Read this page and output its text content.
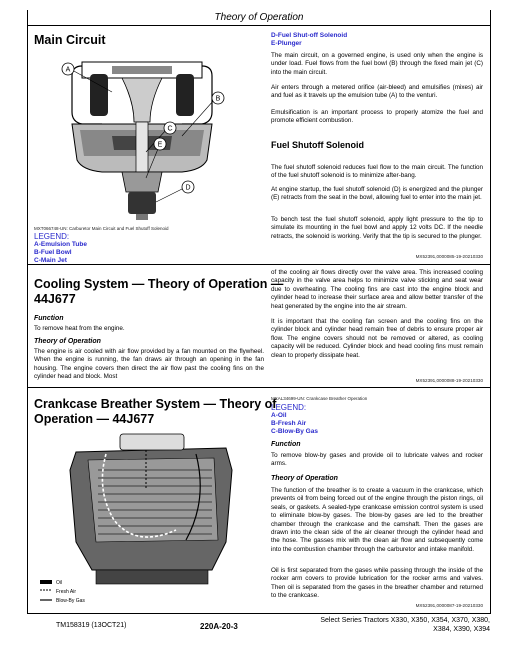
Theory of Operation
Main Circuit
A
B
C
E
D
MXT066748-UN: Carburetor Main Circuit and Fuel Shutoff Solenoid
LEGEND:
A-Emulsion Tube
B-Fuel Bowl
C-Main Jet
D-Fuel Shut-off Solenoid
E-Plunger
The main circuit, on a governed engine, is used only when the engine is under load. Fuel flows from the fuel bowl (B) through the fixed main jet (C) into the main circuit.
Air enters through a metered orifice (air-bleed) and emulsifies (mixes) air and fuel as it travels up the emulsion tube (A) to the venturi.
Emulsification is an important process to properly atomize the fuel and promote efficient combustion.
Fuel Shutoff Solenoid
The fuel shutoff solenoid reduces fuel flow to the main circuit. The function of the fuel shutoff solenoid is to minimize after-bang.
At engine startup, the fuel shutoff solenoid (D) is energized and the plunger (E) retracts from the seat in the bowl, allowing fuel to enter into the main jet.
To bench test the fuel shutoff solenoid, apply light pressure to the tip to simulate its mounting in the fuel bowl and apply 12 volts DC. If the needle retracts, the solenoid is working. Verify that the tip is secured to the plunger.
MX52391,0000085-19-20210330
Cooling System — Theory of Operation —
44J677
Function
To remove heat from the engine.
Theory of Operation
The engine is air cooled with air flow provided by a fan mounted on the flywheel. When the engine is running, the fan draws air through an opening in the fan housing. The engine covers then direct the air flow past the cooling fins on the cylinder head and block. Most
of the cooling air flows directly over the valve area. This increased cooling capacity in the valve area helps to minimize valve sticking and seat wear due to overheating. The cooling fins are cast into the engine block and cylinder head to increase their surface area and allow better transfer of the heat generated by the engine into the air stream.
It is important that the cooling fan screen and the cooling fins on the cylinder block and cylinder head remain free of debris to ensure proper air flow. The engine covers should not be removed or altered, as cooling capacity will be reduced. Cylinder block and head cooling fins must remain clean to properly dissipate heat.
MX52391,0000088-19-20210330
Crankcase Breather System — Theory of
Operation — 44J677
Oil
Fresh Air
Blow-By Gas
MXAL34699-UN: Crankcase Breather Operation
LEGEND:
A-Oil
B-Fresh Air
C-Blow-By Gas
Function
To remove blow-by gases and provide oil to lubricate valves and rocker arms.
Theory of Operation
The function of the breather is to create a vacuum in the crankcase, which prevents oil from being forced out of the engine through the piston rings, oil seals, or gaskets. A sealed-type crankcase emission control system is used to eliminate blow-by gases. The blow-by gases are led to the breather chamber through the crankcase and the camshaft. Then the gases are drawn into the clean side of the air cleaner through the cylinder head and the hose. The gasses mix with the clean air flow and subsequently come into the combustion chamber through the carburetor and intake manifold.
Oil is first separated from the gases while passing through the inside of the rocker arm covers to provide lubrication for the rocker arms and valves. Then oil is separated from the gases in the breather chamber and returned to the crankcase.
MX52391,0000087-19-20210330
TM158319 (13OCT21)	220A-20-3
Select Series Tractors X330, X350, X354, X370, X380,
X384, X390, X394
